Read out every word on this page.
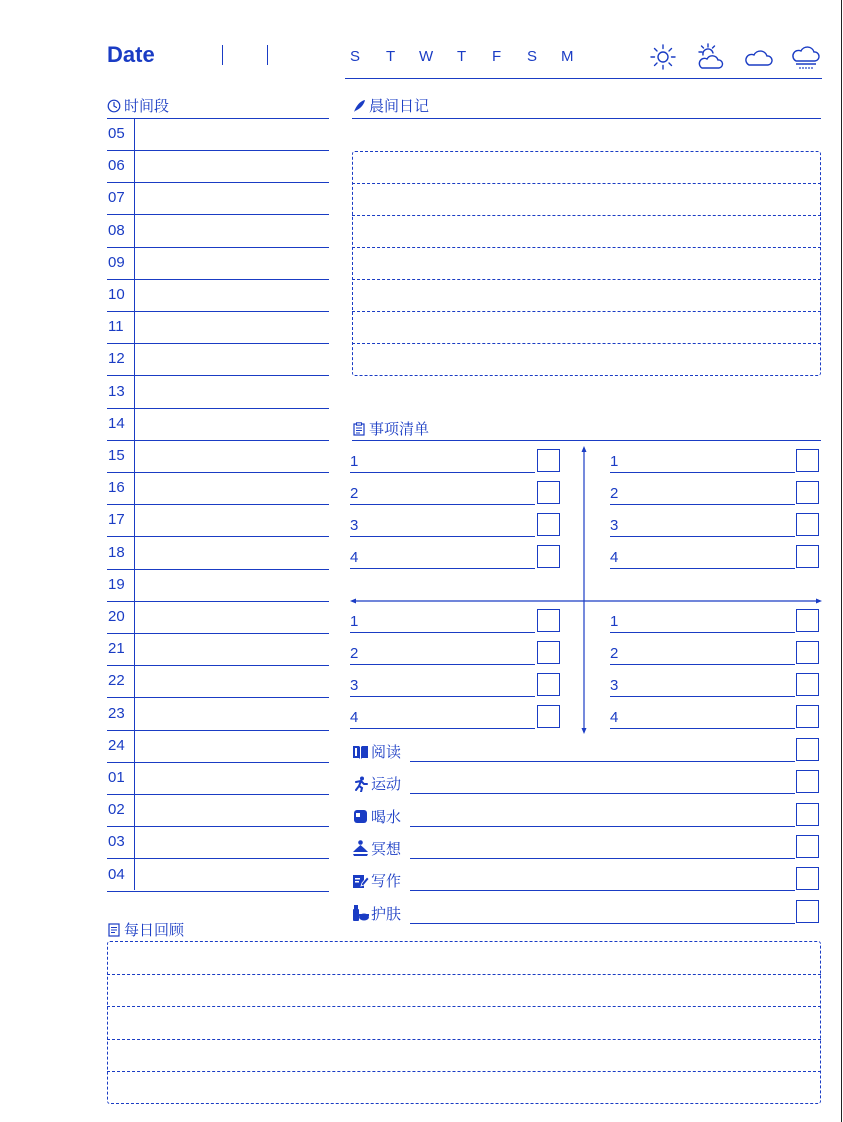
Date
时间段	晨间日记
事项清单
每日回顾
S T W T F S M
05
06
07
08
09
10
11
12
13
14
15
16
17
18
19
20
21
22
23
24
01
02
03
04
1
2
3
4
1
2
3
4
1
2
3
4
1
2
3
4
阅读
运动
喝水
冥想
写作
护肤
